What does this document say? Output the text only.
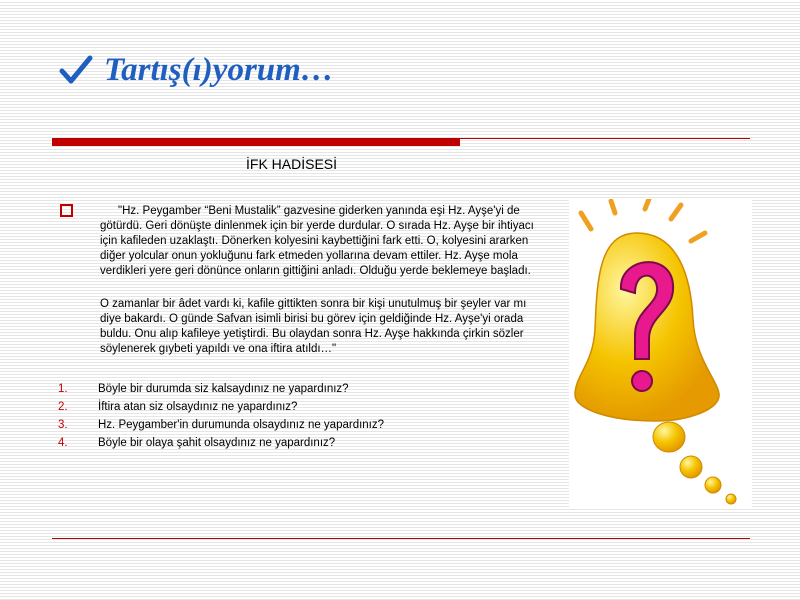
Tartış(ı)yorum…
İFK HADİSESİ

"Hz. Peygamber “Beni Mustalik” gazvesine giderken yanında eşi Hz. Ayşe'yi de götürdü. Geri dönüşte dinlenmek için bir yerde durdular. O sırada Hz. Ayşe bir ihtiyacı için kafileden uzaklaştı. Dönerken kolyesini kaybettiğini fark etti. O, kolyesini ararken diğer yolcular onun yokluğunu fark etmeden yollarına devam ettiler. Hz. Ayşe mola verdikleri yere geri dönünce onların gittiğini anladı. Olduğu yerde beklemeye başladı.

O zamanlar bir âdet vardı ki, kafile gittikten sonra bir kişi unutulmuş bir şeyler var mı diye bakardı. O günde Safvan isimli birisi bu görev için geldiğinde Hz. Ayşe'yi orada buldu. Onu alıp kafileye yetiştirdi. Bu olaydan sonra Hz. Ayşe hakkında çirkin sözler söylenerek gıybeti yapıldı ve ona iftira atıldı…"

1.	Böyle bir durumda siz kalsaydınız ne yapardınız?
2.	İftira atan siz olsaydınız ne yapardınız?
3.	Hz. Peygamber'in durumunda olsaydınız ne yapardınız?
4.	Böyle bir olaya şahit olsaydınız ne yapardınız?
